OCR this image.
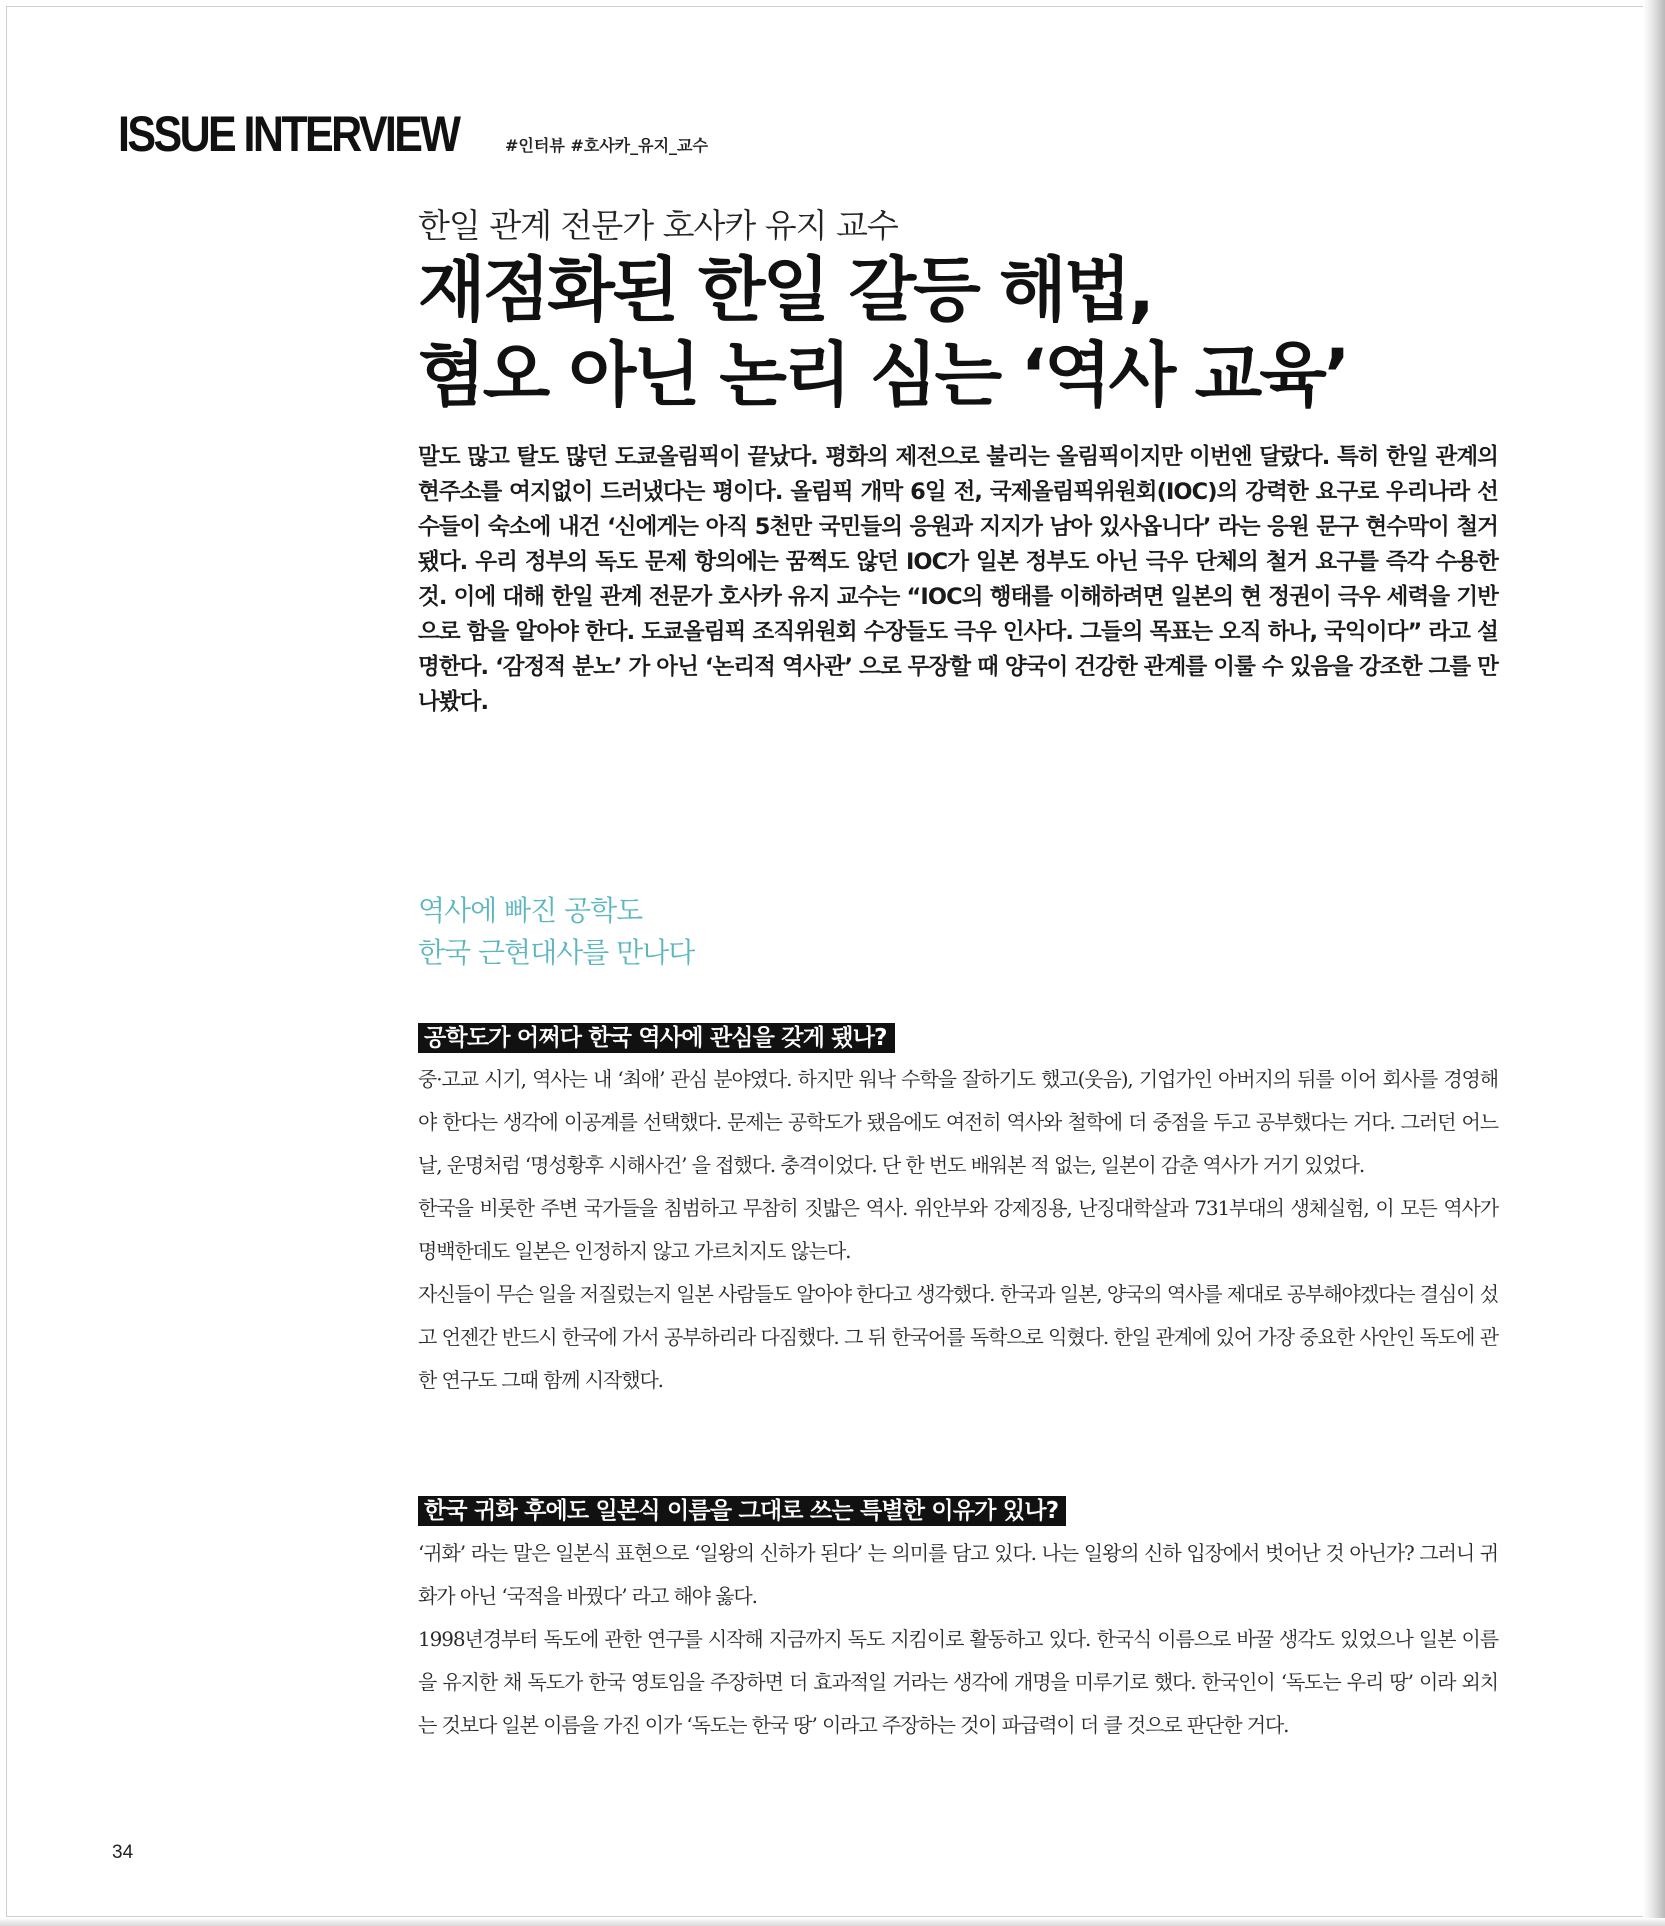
ISSUE INTERVIEW	#인터뷰 #호사카_유지_교수
한일 관계 전문가 호사카 유지 교수
재점화된 한일 갈등 해법,
혐오 아닌 논리 심는 ‘역사 교육’
말도 많고 탈도 많던 도쿄올림픽이 끝났다. 평화의 제전으로 불리는 올림픽이지만 이번엔 달랐다. 특히 한일 관계의 현주소를 여지없이 드러냈다는 평이다. 올림픽 개막 6일 전, 국제올림픽위원회(IOC)의 강력한 요구로 우리나라 선수들이 숙소에 내건 ‘신에게는 아직 5천만 국민들의 응원과 지지가 남아 있사옵니다’ 라는 응원 문구 현수막이 철거됐다. 우리 정부의 독도 문제 항의에는 꿈쩍도 않던 IOC가 일본 정부도 아닌 극우 단체의 철거 요구를 즉각 수용한 것. 이에 대해 한일 관계 전문가 호사카 유지 교수는 “IOC의 행태를 이해하려면 일본의 현 정권이 극우 세력을 기반으로 함을 알아야 한다. 도쿄올림픽 조직위원회 수장들도 극우 인사다. 그들의 목표는 오직 하나, 국익이다” 라고 설명한다. ‘감정적 분노’ 가 아닌 ‘논리적 역사관’ 으로 무장할 때 양국이 건강한 관계를 이룰 수 있음을 강조한 그를 만나봤다.
역사에 빠진 공학도
한국 근현대사를 만나다
공학도가 어쩌다 한국 역사에 관심을 갖게 됐나?

중·고교 시기, 역사는 내 ‘최애’ 관심 분야였다. 하지만 워낙 수학을 잘하기도 했고(웃음), 기업가인 아버지의 뒤를 이어 회사를 경영해야 한다는 생각에 이공계를 선택했다. 문제는 공학도가 됐음에도 여전히 역사와 철학에 더 중점을 두고 공부했다는 거다. 그러던 어느 날, 운명처럼 ‘명성황후 시해사건’ 을 접했다. 충격이었다. 단 한 번도 배워본 적 없는, 일본이 감춘 역사가 거기 있었다.

한국을 비롯한 주변 국가들을 침범하고 무참히 짓밟은 역사. 위안부와 강제징용, 난징대학살과 731부대의 생체실험, 이 모든 역사가 명백한데도 일본은 인정하지 않고 가르치지도 않는다.

자신들이 무슨 일을 저질렀는지 일본 사람들도 알아야 한다고 생각했다. 한국과 일본, 양국의 역사를 제대로 공부해야겠다는 결심이 섰고 언젠간 반드시 한국에 가서 공부하리라 다짐했다. 그 뒤 한국어를 독학으로 익혔다. 한일 관계에 있어 가장 중요한 사안인 독도에 관한 연구도 그때 함께 시작했다.

한국 귀화 후에도 일본식 이름을 그대로 쓰는 특별한 이유가 있나?

‘귀화’ 라는 말은 일본식 표현으로 ‘일왕의 신하가 된다’ 는 의미를 담고 있다. 나는 일왕의 신하 입장에서 벗어난 것 아닌가? 그러니 귀화가 아닌 ‘국적을 바꿨다’ 라고 해야 옳다.

1998년경부터 독도에 관한 연구를 시작해 지금까지 독도 지킴이로 활동하고 있다. 한국식 이름으로 바꿀 생각도 있었으나 일본 이름을 유지한 채 독도가 한국 영토임을 주장하면 더 효과적일 거라는 생각에 개명을 미루기로 했다. 한국인이 ‘독도는 우리 땅’ 이라 외치는 것보다 일본 이름을 가진 이가 ‘독도는 한국 땅’ 이라고 주장하는 것이 파급력이 더 클 것으로 판단한 거다.

34
